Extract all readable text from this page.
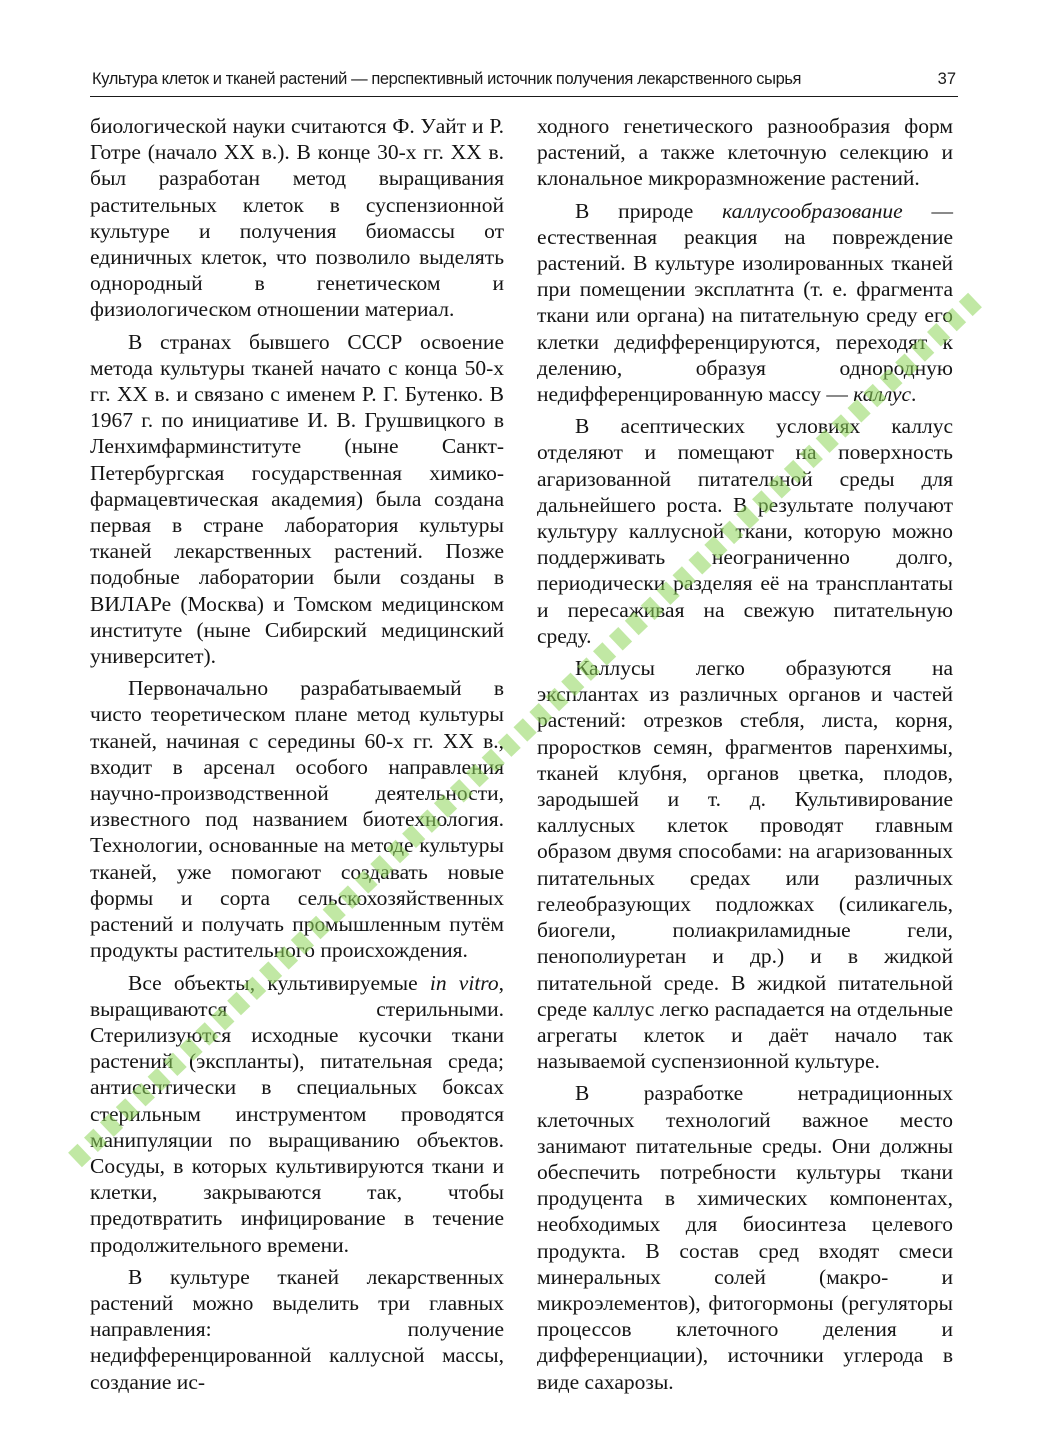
Культура клеток и тканей растений — перспективный источник получения лекарственного сырья	37

биологической науки считаются Ф. Уайт и Р. Готре (начало XX в.). В конце 30-х гг. XX в. был разработан метод выращивания растительных клеток в суспензионной культуре и получения биомассы от единичных клеток, что позволило выделять однородный в генетическом и физиологическом отношении материал.

В странах бывшего СССР освоение метода культуры тканей начато с конца 50-х гг. XX в. и связано с именем Р. Г. Бутенко. В 1967 г. по инициативе И. В. Грушвицкого в Ленхимфарминституте (ныне Санкт-Петербургская государственная химико-фармацевтическая академия) была создана первая в стране лаборатория культуры тканей лекарственных растений. Позже подобные лаборатории были созданы в ВИЛАРе (Москва) и Томском медицинском институте (ныне Сибирский медицинский университет).

Первоначально разрабатываемый в чисто теоретическом плане метод культуры тканей, начиная с середины 60-х гг. XX в., входит в арсенал особого направления научно-производственной деятельности, известного под названием биотехнология. Технологии, основанные на методе культуры тканей, уже помогают создавать новые формы и сорта сельскохозяйственных растений и получать промышленным путём продукты растительного происхождения.

Все объекты, культивируемые in vitro, выращиваются стерильными. Стерилизуются исходные кусочки ткани растений (экспланты), питательная среда; антисептически в специальных боксах стерильным инструментом проводятся манипуляции по выращиванию объектов. Сосуды, в которых культивируются ткани и клетки, закрываются так, чтобы предотвратить инфицирование в течение продолжительного времени.

В культуре тканей лекарственных растений можно выделить три главных направления: получение недифференцированной каллусной массы, создание ис-

ходного генетического разнообразия форм растений, а также клеточную селекцию и клональное микроразмножение растений.

В природе каллусообразование — естественная реакция на повреждение растений. В культуре изолированных тканей при помещении эксплатнта (т. е. фрагмента ткани или органа) на питательную среду его клетки дедифференцируются, переходят к делению, образуя однородную недифференцированную массу — каллус.

В асептических условиях каллус отделяют и помещают на поверхность агаризованной питательной среды для дальнейшего роста. В результате получают культуру каллусной ткани, которую можно поддерживать неограниченно долго, периодически разделяя её на трансплантаты и пересаживая на свежую питательную среду.

Каллусы легко образуются на эксплантах из различных органов и частей растений: отрезков стебля, листа, корня, проростков семян, фрагментов паренхимы, тканей клубня, органов цветка, плодов, зародышей и т. д. Культивирование каллусных клеток проводят главным образом двумя способами: на агаризованных питательных средах или различных гелеобразующих подложках (силикагель, биогели, полиакриламидные гели, пенополиуретан и др.) и в жидкой питательной среде. В жидкой питательной среде каллус легко распадается на отдельные агрегаты клеток и даёт начало так называемой суспензионной культуре.

В разработке нетрадиционных клеточных технологий важное место занимают питательные среды. Они должны обеспечить потребности культуры ткани продуцента в химических компонентах, необходимых для биосинтеза целевого продукта. В состав сред входят смеси минеральных солей (макро- и микроэлементов), фитогормоны (регуляторы процессов клеточного деления и дифференциации), источники углерода в виде сахарозы.
